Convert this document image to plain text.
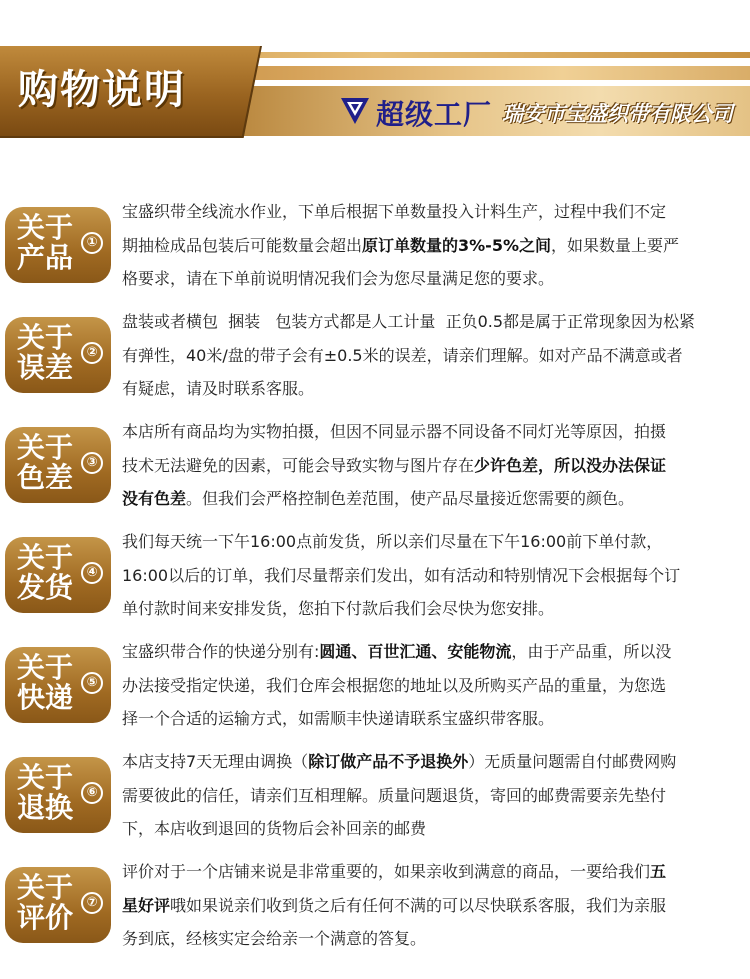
购物说明
超级工厂 瑞安市宝盛织带有限公司
关于产品	①
宝盛织带全线流水作业，下单后根据下单数量投入计料生产，过程中我们不定
期抽检成品包装后可能数量会超出原订单数量的3%-5%之间，如果数量上要严
格要求，请在下单前说明情况我们会为您尽量满足您的要求。
关于误差	②
盘装或者横包  捆装   包装方式都是人工计量  正负0.5都是属于正常现象因为松紧
有弹性，40米/盘的带子会有±0.5米的误差，请亲们理解。如对产品不满意或者
有疑虑，请及时联系客服。
关于色差	③
本店所有商品均为实物拍摄，但因不同显示器不同设备不同灯光等原因，拍摄
技术无法避免的因素，可能会导致实物与图片存在少许色差，所以没办法保证
没有色差。但我们会严格控制色差范围，使产品尽量接近您需要的颜色。
关于发货	④
我们每天统一下午16:00点前发货，所以亲们尽量在下午16:00前下单付款，
16:00以后的订单，我们尽量帮亲们发出，如有活动和特别情况下会根据每个订
单付款时间来安排发货，您拍下付款后我们会尽快为您安排。
关于快递	⑤
宝盛织带合作的快递分别有:圆通、百世汇通、安能物流，由于产品重，所以没
办法接受指定快递，我们仓库会根据您的地址以及所购买产品的重量，为您选
择一个合适的运输方式，如需顺丰快递请联系宝盛织带客服。
关于退换	⑥
本店支持7天无理由调换（除订做产品不予退换外）无质量问题需自付邮费网购
需要彼此的信任，请亲们互相理解。质量问题退货，寄回的邮费需要亲先垫付
下，本店收到退回的货物后会补回亲的邮费
关于评价	⑦
评价对于一个店铺来说是非常重要的，如果亲收到满意的商品，一要给我们五
星好评哦如果说亲们收到货之后有任何不满的可以尽快联系客服，我们为亲服
务到底，经核实定会给亲一个满意的答复。
